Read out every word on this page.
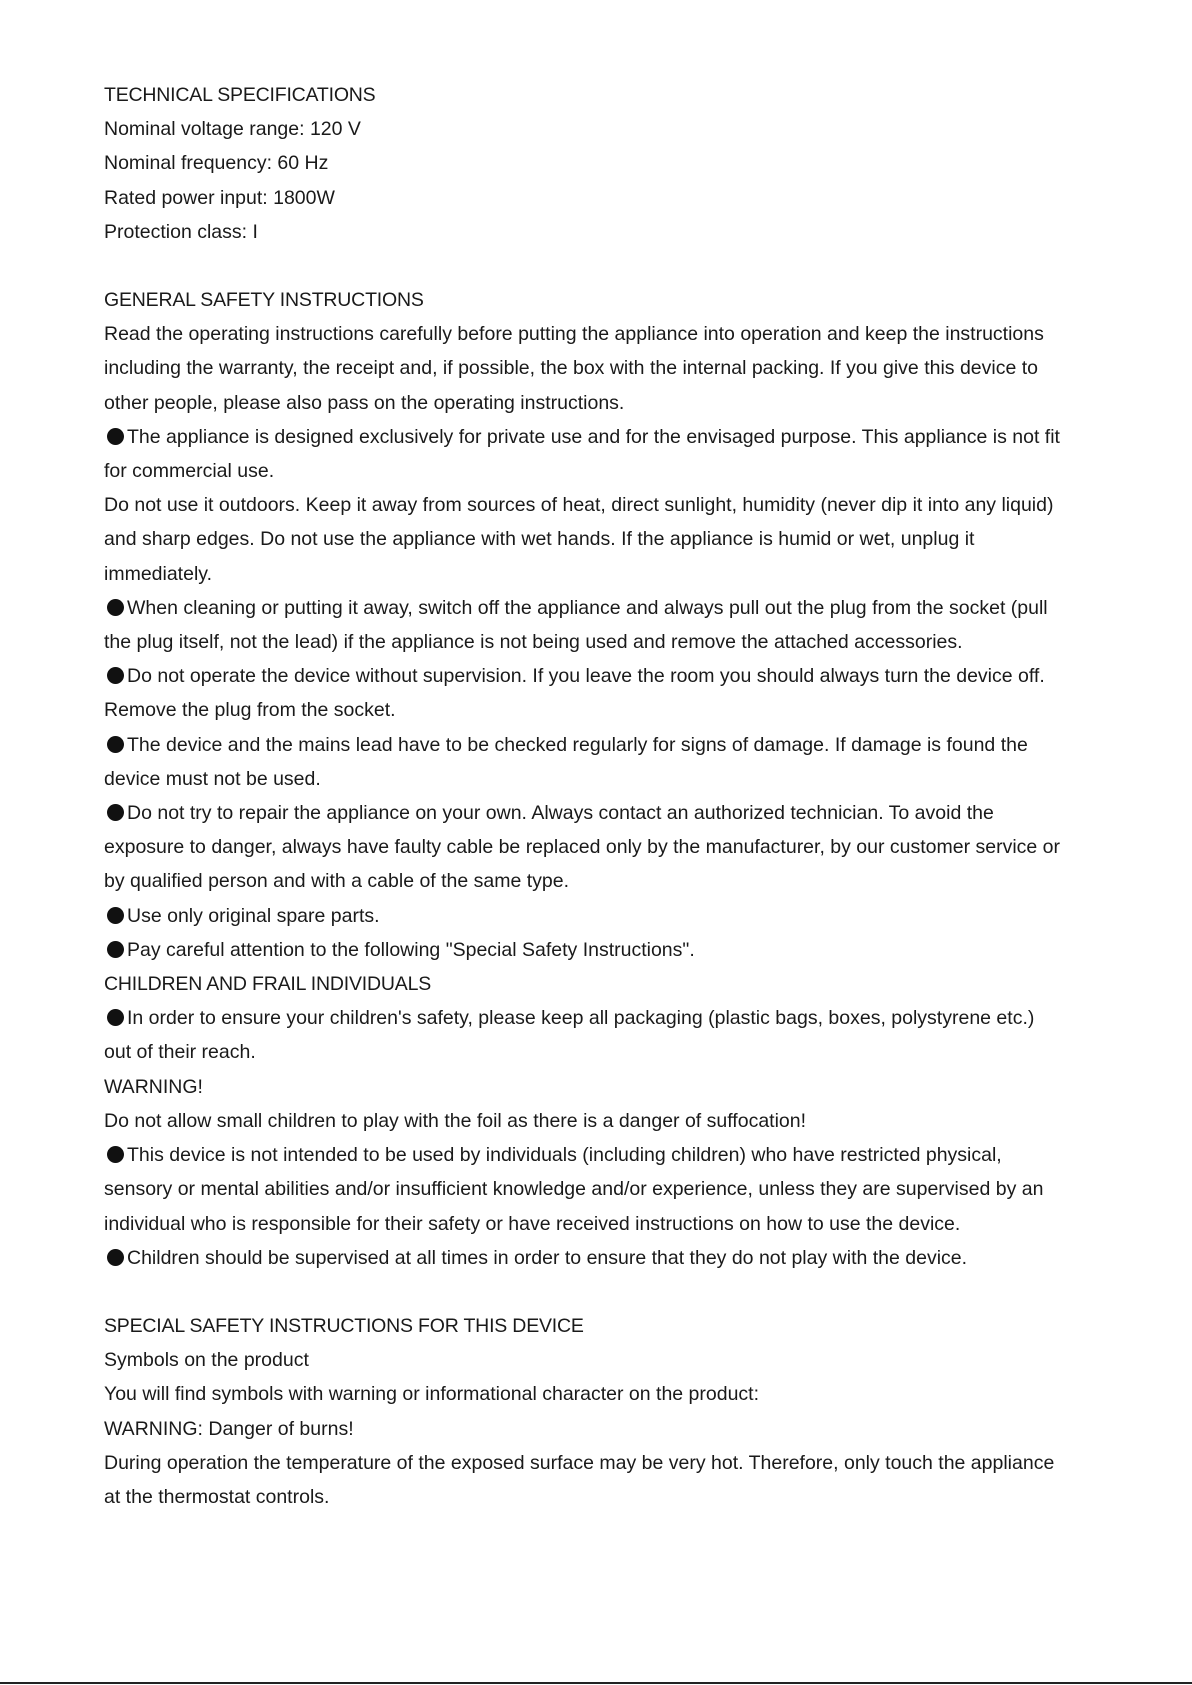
TECHNICAL SPECIFICATIONS
Nominal voltage range: 120 V
Nominal frequency: 60 Hz
Rated power input: 1800W
Protection class: I
GENERAL SAFETY INSTRUCTIONS
Read the operating instructions carefully before putting the appliance into operation and keep the instructions including the warranty, the receipt and, if possible, the box with the internal packing. If you give this device to other people, please also pass on the operating instructions.
The appliance is designed exclusively for private use and for the envisaged purpose. This appliance is not fit for commercial use.
Do not use it outdoors. Keep it away from sources of heat, direct sunlight, humidity (never dip it into any liquid) and sharp edges. Do not use the appliance with wet hands. If the appliance is humid or wet, unplug it immediately.
When cleaning or putting it away, switch off the appliance and always pull out the plug from the socket (pull the plug itself, not the lead) if the appliance is not being used and remove the attached accessories.
Do not operate the device without supervision. If you leave the room you should always turn the device off. Remove the plug from the socket.
The device and the mains lead have to be checked regularly for signs of damage. If damage is found the device must not be used.
Do not try to repair the appliance on your own. Always contact an authorized technician. To avoid the exposure to danger, always have faulty cable be replaced only by the manufacturer, by our customer service or by qualified person and with a cable of the same type.
Use only original spare parts.
Pay careful attention to the following "Special Safety Instructions".
CHILDREN AND FRAIL INDIVIDUALS
In order to ensure your children's safety, please keep all packaging (plastic bags, boxes, polystyrene etc.) out of their reach.
WARNING!
Do not allow small children to play with the foil as there is a danger of suffocation!
This device is not intended to be used by individuals (including children) who have restricted physical, sensory or mental abilities and/or insufficient knowledge and/or experience, unless they are supervised by an individual who is responsible for their safety or have received instructions on how to use the device.
Children should be supervised at all times in order to ensure that they do not play with the device.
SPECIAL SAFETY INSTRUCTIONS FOR THIS DEVICE
Symbols on the product
You will find symbols with warning or informational character on the product:
WARNING: Danger of burns!
During operation the temperature of the exposed surface may be very hot. Therefore, only touch the appliance at the thermostat controls.
